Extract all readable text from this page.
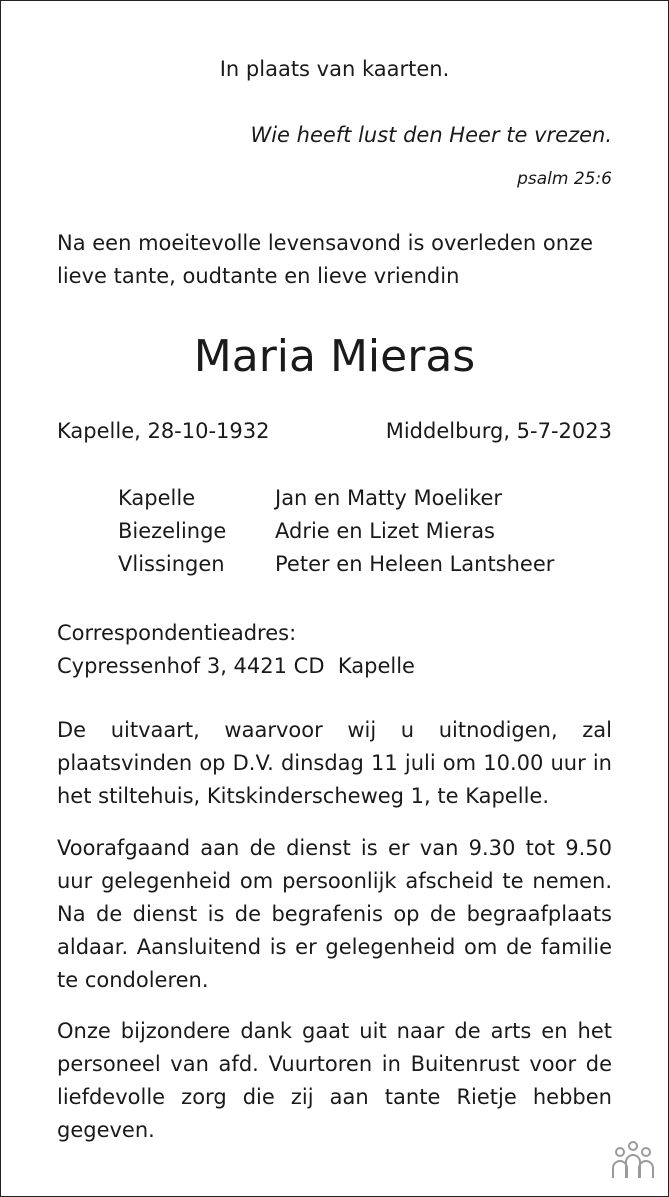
In plaats van kaarten.

Wie heeft lust den Heer te vrezen.

psalm 25:6

Na een moeitevolle levensavond is overleden onze lieve tante, oudtante en lieve vriendin

Maria Mieras

Kapelle, 28-10-1932	Middelburg, 5-7-2023

Kapelle	Jan en Matty Moeliker
Biezelinge	Adrie en Lizet Mieras
Vlissingen	Peter en Heleen Lantsheer
Correspondentieadres:
Cypressenhof 3, 4421 CD  Kapelle

De uitvaart, waarvoor wij u uitnodigen, zal plaatsvinden op D.V. dinsdag 11 juli om 10.00 uur in het stiltehuis, Kitskinderscheweg 1, te Kapelle.

Voorafgaand aan de dienst is er van 9.30 tot 9.50 uur gelegenheid om persoonlijk afscheid te nemen. Na de dienst is de begrafenis op de begraafplaats aldaar. Aansluitend is er gelegenheid om de familie te condoleren.

Onze bijzondere dank gaat uit naar de arts en het personeel van afd. Vuurtoren in Buitenrust voor de liefdevolle zorg die zij aan tante Rietje hebben gegeven.
